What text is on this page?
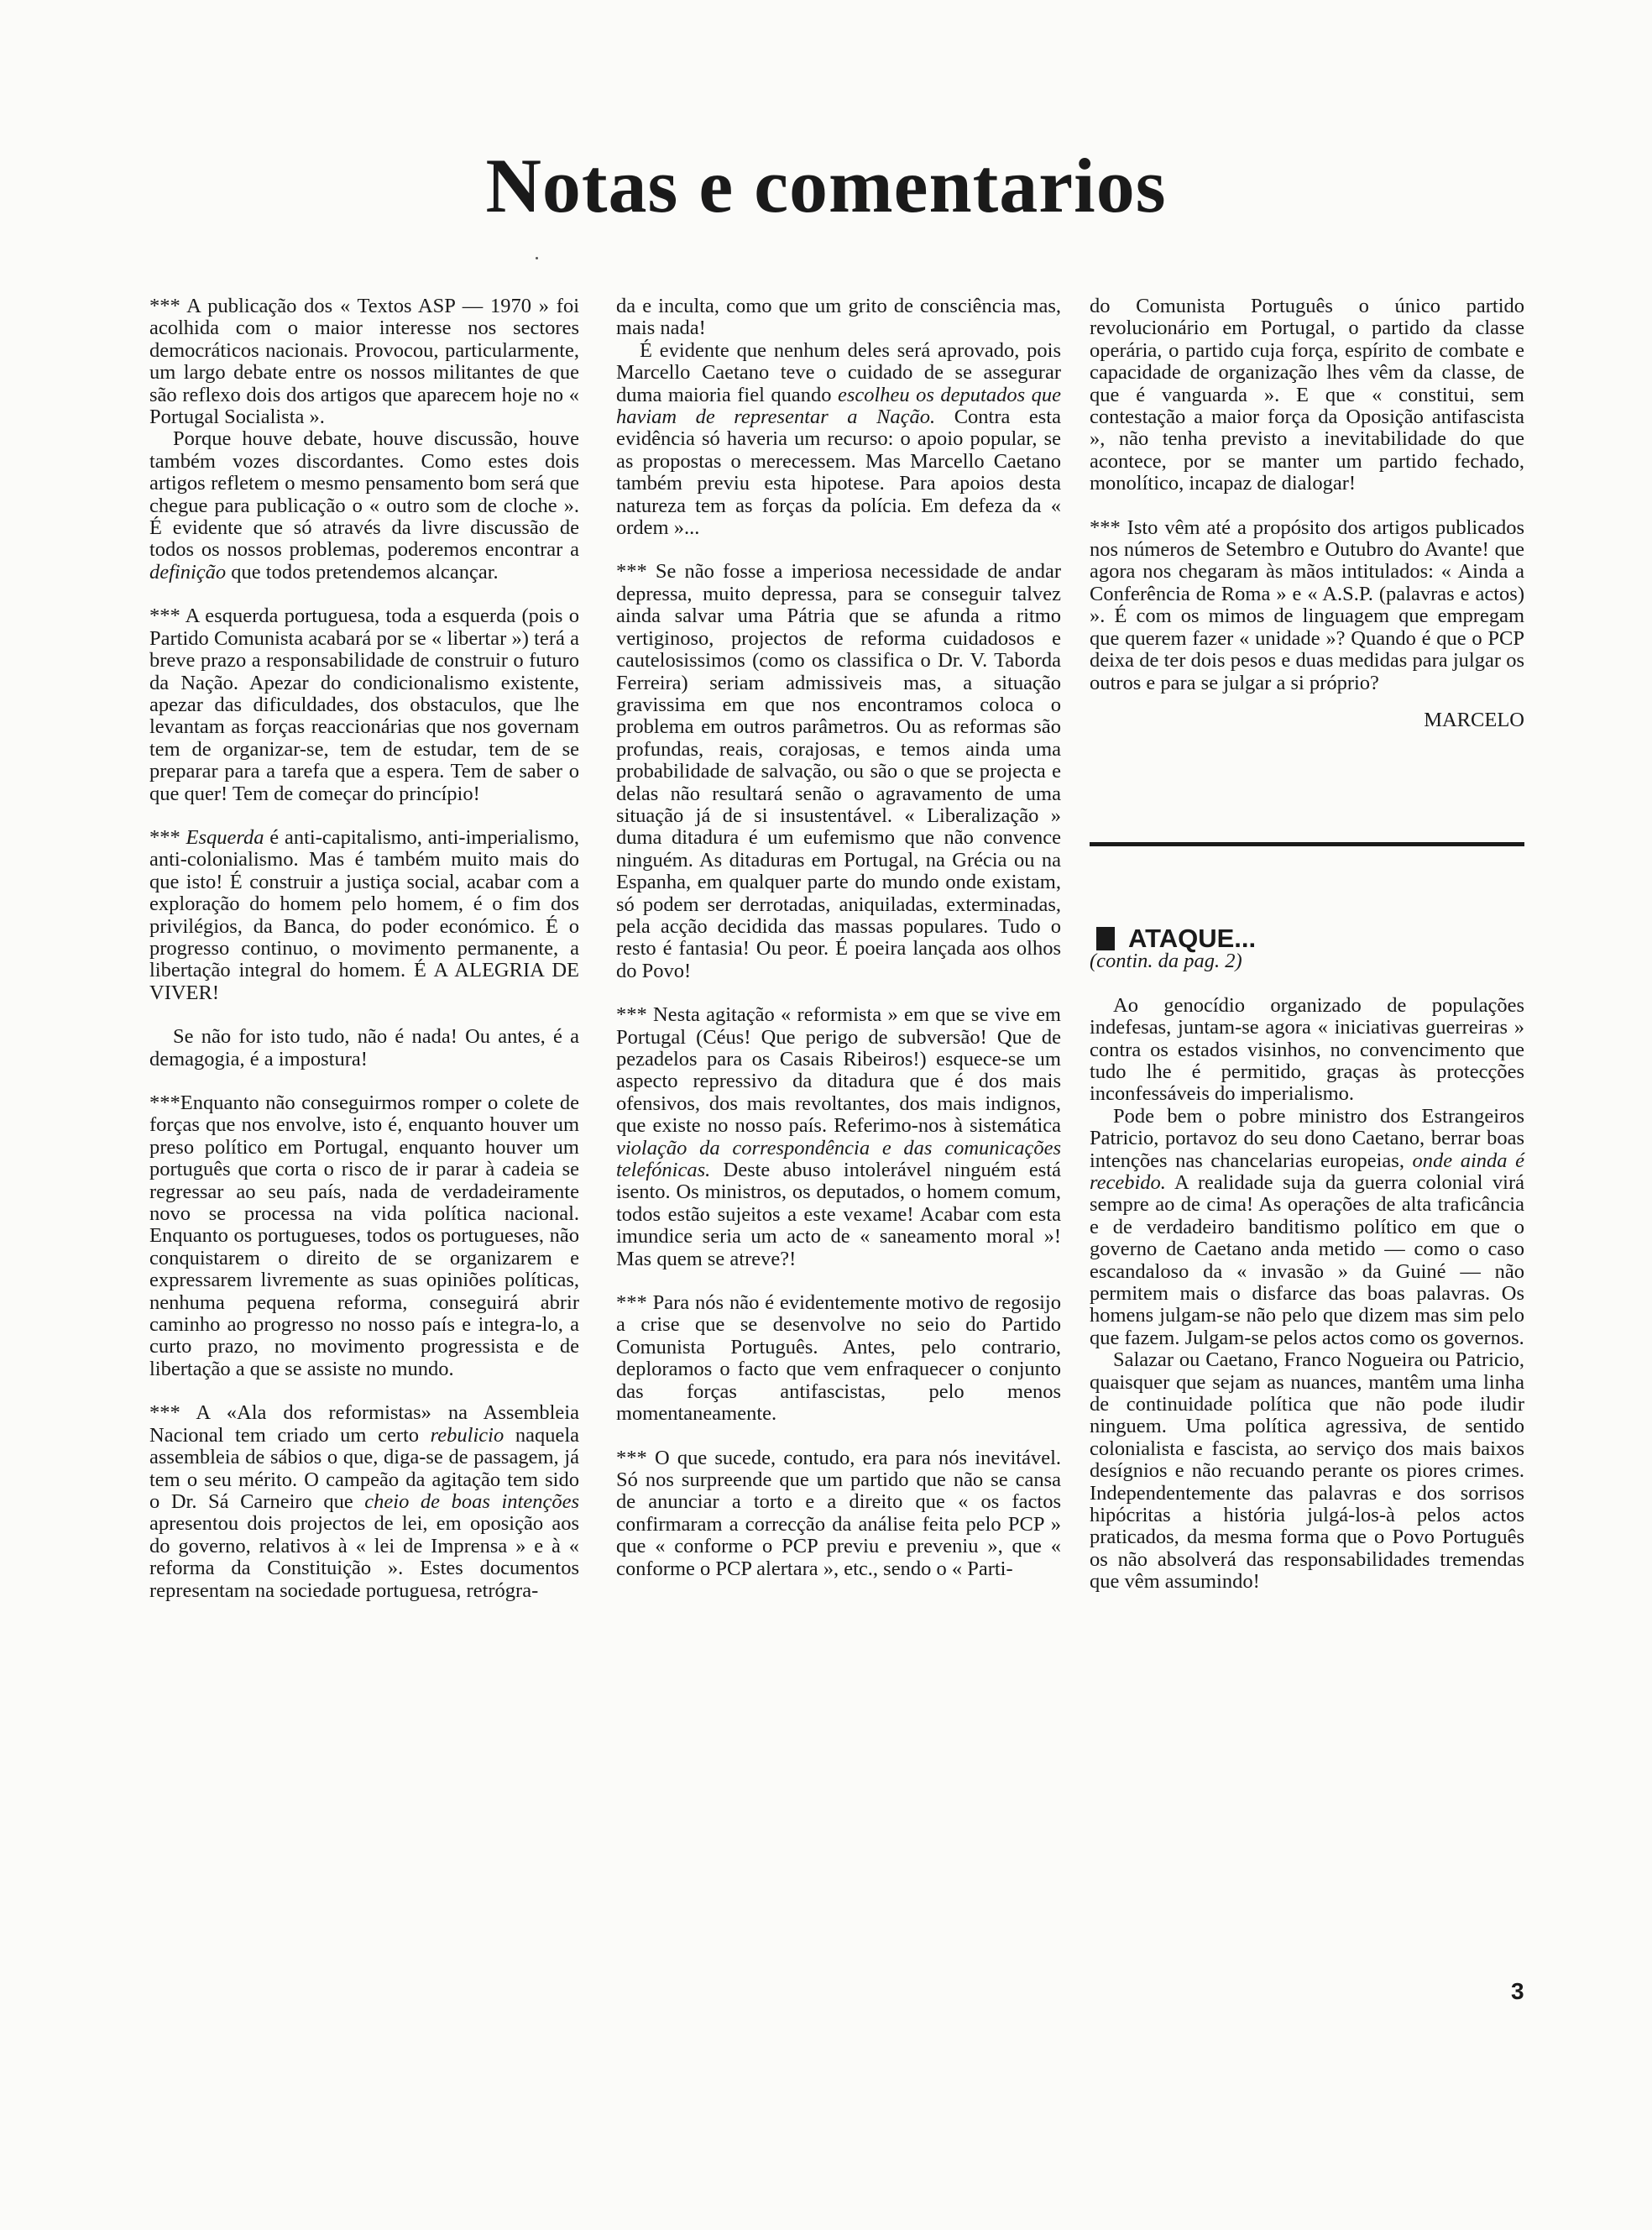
Notas e comentarios

*** A publicação dos « Textos ASP — 1970 » foi acolhida com o maior interesse nos sectores democráticos nacionais. Provocou, particularmente, um largo debate entre os nossos militantes de que são reflexo dois dos artigos que aparecem hoje no « Portugal Socialista ».

Porque houve debate, houve discussão, houve também vozes discordantes. Como estes dois artigos refletem o mesmo pensamento bom será que chegue para publicação o « outro som de cloche ». É evidente que só através da livre discussão de todos os nossos problemas, poderemos encontrar a definição que todos pretendemos alcançar.

*** A esquerda portuguesa, toda a esquerda (pois o Partido Comunista acabará por se « libertar ») terá a breve prazo a responsabilidade de construir o futuro da Nação. Apezar do condicionalismo existente, apezar das dificuldades, dos obstaculos, que lhe levantam as forças reaccionárias que nos governam tem de organizar-se, tem de estudar, tem de se preparar para a tarefa que a espera. Tem de saber o que quer! Tem de começar do princípio!

*** Esquerda é anti-capitalismo, anti-imperialismo, anti-colonialismo. Mas é também muito mais do que isto! É construir a justiça social, acabar com a exploração do homem pelo homem, é o fim dos privilégios, da Banca, do poder económico. É o progresso continuo, o movimento permanente, a libertação integral do homem. É A ALEGRIA DE VIVER!

Se não for isto tudo, não é nada! Ou antes, é a demagogia, é a impostura!

***Enquanto não conseguirmos romper o colete de forças que nos envolve, isto é, enquanto houver um preso político em Portugal, enquanto houver um português que corta o risco de ir parar à cadeia se regressar ao seu país, nada de verdadeiramente novo se processa na vida política nacional. Enquanto os portugueses, todos os portugueses, não conquistarem o direito de se organizarem e expressarem livremente as suas opiniões políticas, nenhuma pequena reforma, conseguirá abrir caminho ao progresso no nosso país e integra-lo, a curto prazo, no movimento progressista e de libertação a que se assiste no mundo.

*** A «Ala dos reformistas» na Assembleia Nacional tem criado um certo rebulicio naquela assembleia de sábios o que, diga-se de passagem, já tem o seu mérito. O campeão da agitação tem sido o Dr. Sá Carneiro que cheio de boas intenções apresentou dois projectos de lei, em oposição aos do governo, relativos à « lei de Imprensa » e à « reforma da Constituição ». Estes documentos representam na sociedade portuguesa, retrógra-

da e inculta, como que um grito de consciência mas, mais nada!

É evidente que nenhum deles será aprovado, pois Marcello Caetano teve o cuidado de se assegurar duma maioria fiel quando escolheu os deputados que haviam de representar a Nação. Contra esta evidência só haveria um recurso: o apoio popular, se as propostas o merecessem. Mas Marcello Caetano também previu esta hipotese. Para apoios desta natureza tem as forças da polícia. Em defeza da « ordem »...

*** Se não fosse a imperiosa necessidade de andar depressa, muito depressa, para se conseguir talvez ainda salvar uma Pátria que se afunda a ritmo vertiginoso, projectos de reforma cuidadosos e cautelosissimos (como os classifica o Dr. V. Taborda Ferreira) seriam admissiveis mas, a situação gravissima em que nos encontramos coloca o problema em outros parâmetros. Ou as reformas são profundas, reais, corajosas, e temos ainda uma probabilidade de salvação, ou são o que se projecta e delas não resultará senão o agravamento de uma situação já de si insustentável. « Liberalização » duma ditadura é um eufemismo que não convence ninguém. As ditaduras em Portugal, na Grécia ou na Espanha, em qualquer parte do mundo onde existam, só podem ser derrotadas, aniquiladas, exterminadas, pela acção decidida das massas populares. Tudo o resto é fantasia! Ou peor. É poeira lançada aos olhos do Povo!

*** Nesta agitação « reformista » em que se vive em Portugal (Céus! Que perigo de subversão! Que de pezadelos para os Casais Ribeiros!) esquece-se um aspecto repressivo da ditadura que é dos mais ofensivos, dos mais revoltantes, dos mais indignos, que existe no nosso país. Referimo-nos à sistemática violação da correspondência e das comunicações telefónicas. Deste abuso intolerável ninguém está isento. Os ministros, os deputados, o homem comum, todos estão sujeitos a este vexame! Acabar com esta imundice seria um acto de « saneamento moral »! Mas quem se atreve?!

*** Para nós não é evidentemente motivo de regosijo a crise que se desenvolve no seio do Partido Comunista Português. Antes, pelo contrario, deploramos o facto que vem enfraquecer o conjunto das forças antifascistas, pelo menos momentaneamente.

*** O que sucede, contudo, era para nós inevitável. Só nos surpreende que um partido que não se cansa de anunciar a torto e a direito que « os factos confirmaram a correcção da análise feita pelo PCP » que « conforme o PCP previu e preveniu », que « conforme o PCP alertara », etc., sendo o « Parti-

do Comunista Português o único partido revolucionário em Portugal, o partido da classe operária, o partido cuja força, espírito de combate e capacidade de organização lhes vêm da classe, de que é vanguarda ». E que « constitui, sem contestação a maior força da Oposição antifascista », não tenha previsto a inevitabilidade do que acontece, por se manter um partido fechado, monolítico, incapaz de dialogar!

*** Isto vêm até a propósito dos artigos publicados nos números de Setembro e Outubro do Avante! que agora nos chegaram às mãos intitulados: « Ainda a Conferência de Roma » e « A.S.P. (palavras e actos) ». É com os mimos de linguagem que empregam que querem fazer « unidade »? Quando é que o PCP deixa de ter dois pesos e duas medidas para julgar os outros e para se julgar a si próprio?

MARCELO

ATAQUE...

(contin. da pag. 2)

Ao genocídio organizado de populações indefesas, juntam-se agora « iniciativas guerreiras » contra os estados visinhos, no convencimento que tudo lhe é permitido, graças às protecções inconfessáveis do imperialismo.

Pode bem o pobre ministro dos Estrangeiros Patricio, portavoz do seu dono Caetano, berrar boas intenções nas chancelarias europeias, onde ainda é recebido. A realidade suja da guerra colonial virá sempre ao de cima! As operações de alta traficância e de verdadeiro banditismo político em que o governo de Caetano anda metido — como o caso escandaloso da « invasão » da Guiné — não permitem mais o disfarce das boas palavras. Os homens julgam-se não pelo que dizem mas sim pelo que fazem. Julgam-se pelos actos como os governos.

Salazar ou Caetano, Franco Nogueira ou Patricio, quaisquer que sejam as nuances, mantêm uma linha de continuidade política que não pode iludir ninguem. Uma política agressiva, de sentido colonialista e fascista, ao serviço dos mais baixos desígnios e não recuando perante os piores crimes. Independentemente das palavras e dos sorrisos hipócritas a história julgá-los-à pelos actos praticados, da mesma forma que o Povo Português os não absolverá das responsabilidades tremendas que vêm assumindo!

3
